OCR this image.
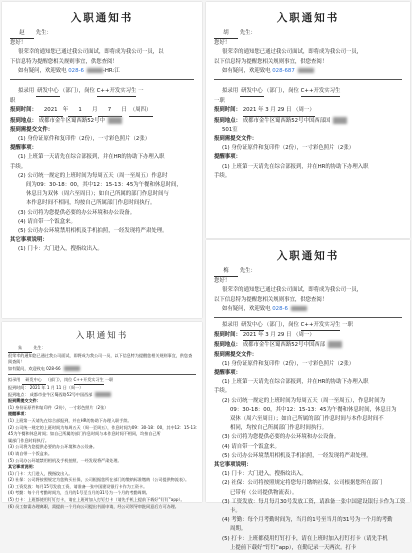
入职通知书
赵 先生：
您好！
很荣幸的通知您已通过我公司面试，即将成为我公司一员，以
下信息特为提醒您相关规则事宜，供您查阅！
如有疑问，欢迎致电 028-6	-HR:江
拟录用 研发中心（部门），岗位 C++开发实习生 一
职
报到时间： 2021 年 1 月 7 日 （周四）
报到地点： 成都市金牛区蜀西路52号中
报到需提交文件：
(1) 身份证原件和复印件（2份），一寸彩色照片（2张）
提醒事项：
(1) 上班第一天请先在综合部报到，并在HR的协助下办理入职
手续。
(2) 公司统一规定的上班时间为每周五天（周一至周五）作息时
间为09：30-18：00，其中12：15-13：45为午餐和休息时间，
休息日为双休（周六至周日）；如自己所属的部门作息时间与
本作息时间不相同，均按自己所属部门作息时间执行。
(3) 公司将为您提供必要的办公环境和办公设备。
(4) 请自带一个饭盒来。
(5) 公司办公环境禁用相机及手机拍照，一经发现将严肃处理。
其它事项说明：
(1) 门卡：大门进入，搜指纹出入。
入职通知书
胡 先生：
您好！
很荣幸的通知您已通过我公司面试，即将成为我公司一员，
以下信息特为提醒您相关规则事宜，供您查阅！
如有疑问，欢迎致电 028-687
拟录用 研发中心（部门），岗位 C++开发实习生
一职
报到时间： 2021 年 3 月 29 日 （周一）
报到地点： 成都市金牛区蜀西路52号中国西部国
501室
报到需提交文件：
(1) 身份证原件和复印件（2份），一寸彩色照片（2张）
提醒事项：
(1) 上班第一天请先在综合部报到，并在HR的协助下办理入职
手续。
入职通知书
梅 先生：
您好！
很荣幸的通知您已通过我公司面试，即将成为我公司一员，
以下信息特为提醒您相关规则事宜，供您查阅！
如有疑问，欢迎致电 028-6
拟录用 研发中心（部门），岗位 C++开发实习生 一职
报到时间： 2021 年 3 月 29 日 （周一）
报到地点： 成都市金牛区蜀西路52号中国西部
报到需提交文件：
(1) 身份证原件和复印件（2份），一寸彩色照片（2张）
提醒事项：
(1) 上班第一天请先在综合部报到，并在HR的协助下办理入职
手续。
(2) 公司统一规定的上班时间为每周五天（周一至周五），作息时间为
09：30-18：00，其中12：15-13：45为午餐和休息时间，休息日为
双休（周六至周日）；如自己所属的部门作息时间与本作息时间不
相同，均按自己所属部门作息时间执行。
(3) 公司将为您提供必要的办公环境和办公设备。
(4) 请自带一个饭盒来。
(5) 公司办公环境禁用相机及手机拍照，一经发现将严肃处理。
其它事项说明：
(1) 门卡：大门进入，搜指纹出入。
(2) 社保：公司将按照规定将您每月缴纳社保，公司根据您所在部门
已带有（公司提供物流表）。
(3) 工资发放：每月每月30号发放工资，请准备一张中国建设银行卡作为工资
卡。
(4) 考勤：每个月考勤时间为，当月的1号至当月的31号为一个月的考勤
周期。
(5) 打卡：上班都使用钉钉打卡，请在上班时加入打钉打卡（请先手机
上提前下载好“钉钉”app），在勤记录一天两次。打卡
入职通知书
朱	先生：
很荣幸的通知您已通过我公司面试，即将成为我公司一员，以下信息特为提醒您相关规则事宜，供您查
阅查阅！
如有疑问，欢迎致电 028-66
拟录用 研发中心 （部门），岗位 C++开发实习生 一职
报到时间： 2021 年 1 月 11 日（周一）
报到地点： 成都市金牛区蜀西路52号中国西部
报到需提交文件：
(1) 身份证原件和复印件（2份），一寸彩色照片（2张）
提醒事项：
(1) 上班第一天请先在综合部报到，并在HR的协助下办理入职手续。
(2) 公司统一规定的上班时间为每周五天（周一至周五），作息时间为09：30-18：00，其中12：15-13：
45为午餐和休息时间；如自己所属的部门作息时间与本作息时间不相同，均按自己所
属部门作息时间执行。
(3) 公司将为您提供必要的办公环境和办公设备。
(4) 请自带一个饭盒来。
(5) 公司办公环境禁用相机及手机拍照，一经发现将严肃处理。
其它事项说明：
(1) 门卡：大门进入，搜指纹出入。
(2) 社保：公司将按照规定为您购买社保，公司根据您所在部门的缴纳标准缴纳（公司提供物流表）。
(3) 工资发放：每月15号发放工资，请准备一张中国建设银行卡作为工资卡。
(4) 考勤：每个月考勤时间为，当月的1号至当月的31号为一个月的考勤周期。
(5) 打卡：上班都使用钉钉打卡，请在上班时加入打钉打卡（请先手机上提前下载好“钉钉”app）。
(6) 员工如需办理离职，需提前一个月向公司提出书面申请，经公司领导审批同意后方可办理。
